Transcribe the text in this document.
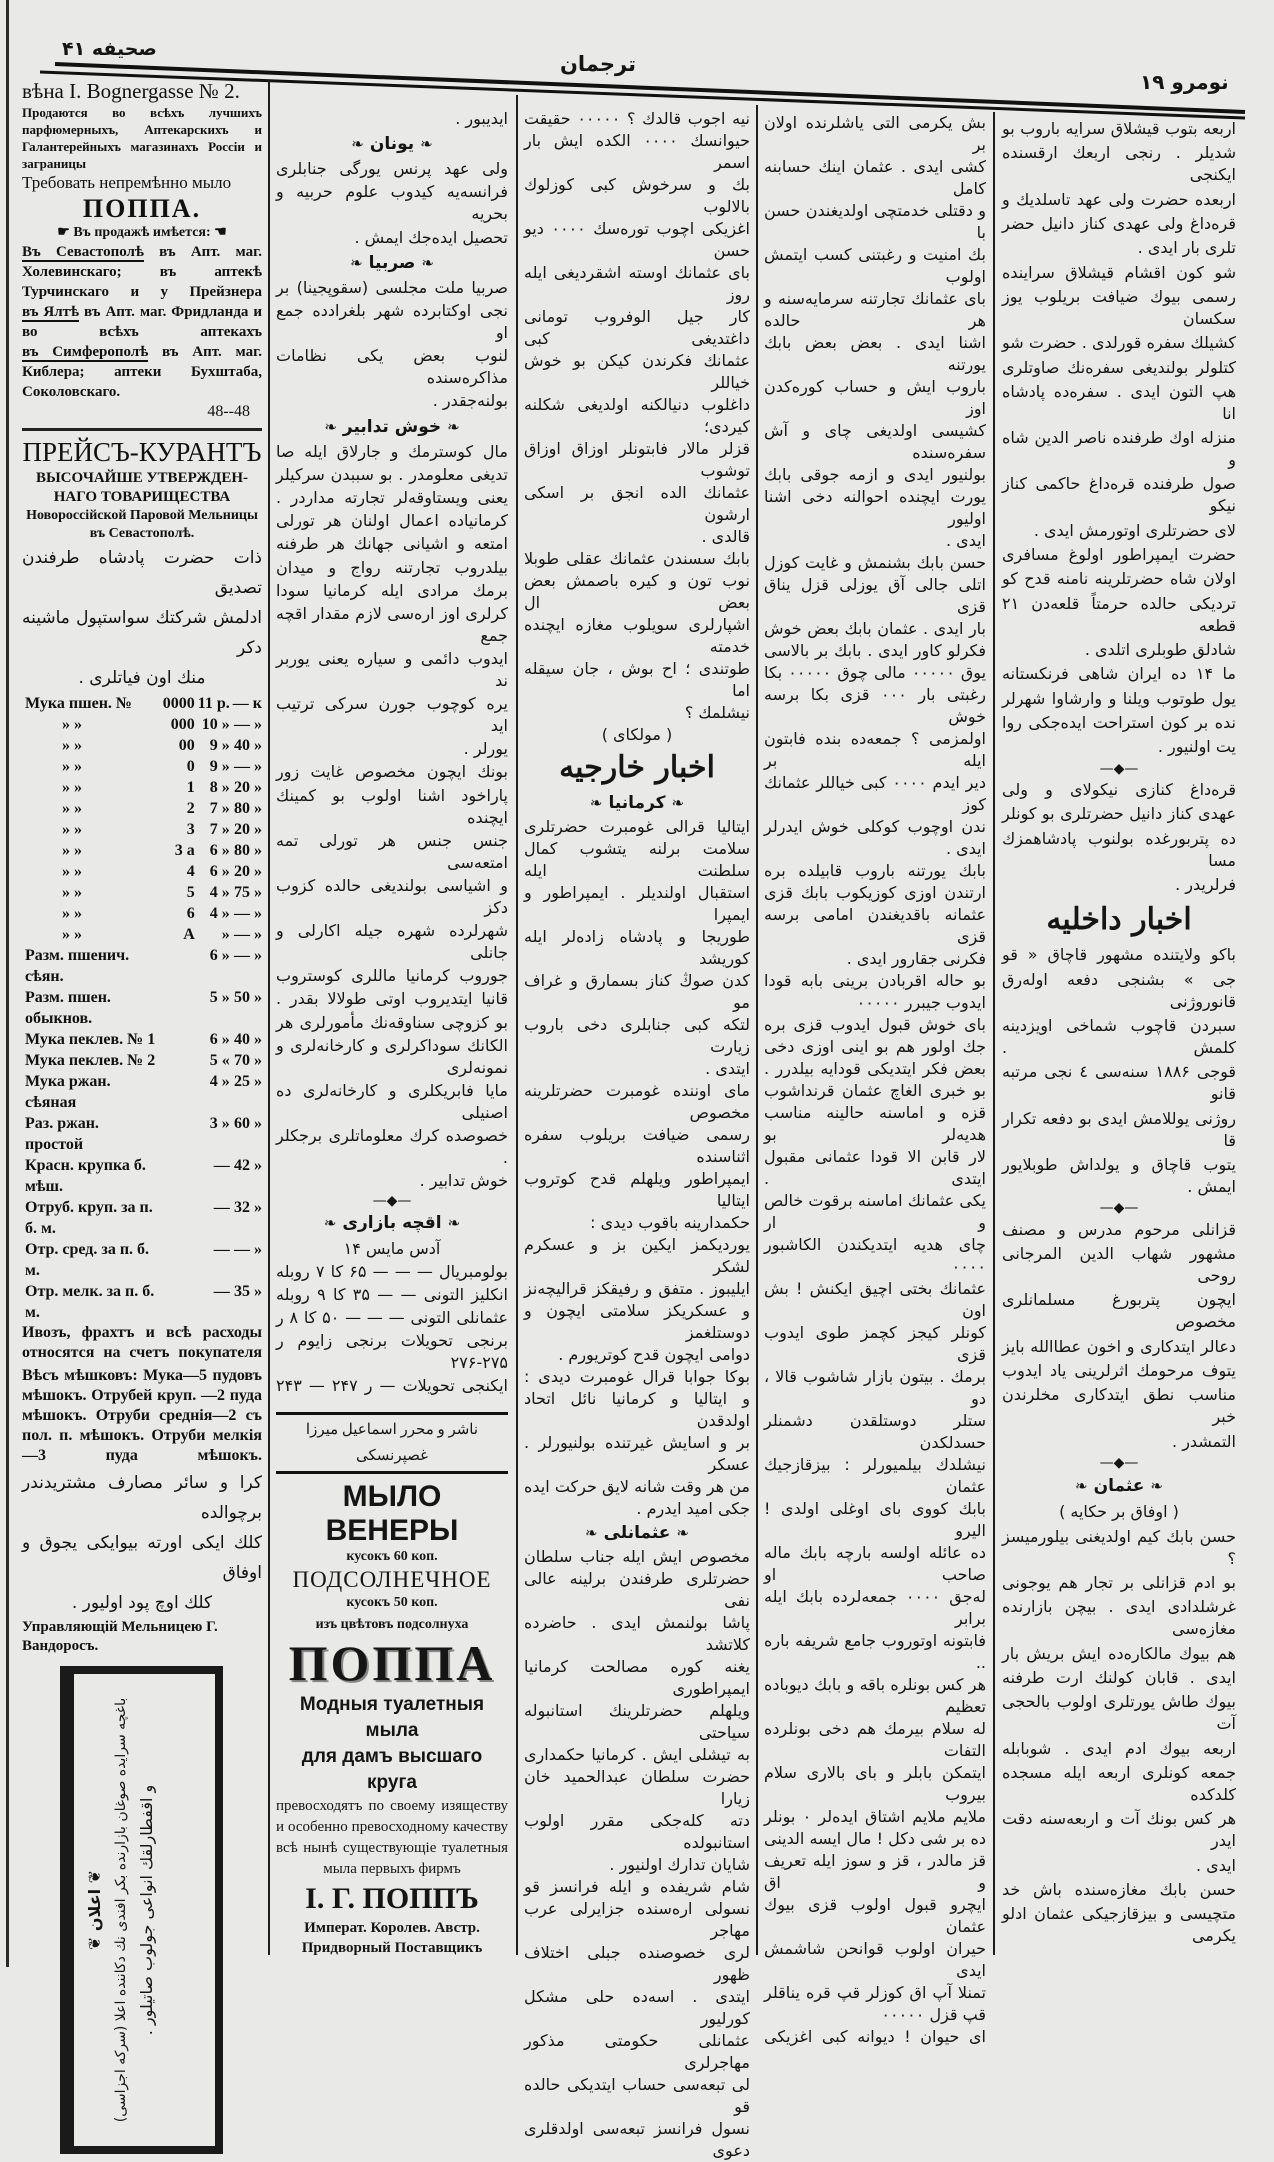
صحیفه ۴۱
ترجمان
نومرو ۱۹

вѣна I. Bognergasse № 2.

Продаются во всѣхъ лучшихъ парфюмерныхъ, Аптекарскихъ и Галантерейныхъ магазинахъ Россiи и заграницы

Требовать непремѣнно мыло

ПОППА.

☛ Въ продажѣ имѣется: ☚

Въ Севастополѣ въ Апт. маг. Холевинскаго; въ аптекѣ Турчинскаго и у Прейзнера
въ Ялтѣ въ Апт. маг. Фридланда и во всѣхъ аптекахъ
въ Симферополѣ въ Апт. маг. Киблера; аптеки Бухштаба, Соколовскаго.

48--48

ПРЕЙСЪ-КУРАНТЪ

ВЫСОЧАЙШЕ УТВЕРЖДЕН-НАГО ТОВАРИЩЕСТВА

Новороссiйской Паровой Мельницы въ Севастополѣ.

ذات حضرت پادشاه طرفندن تصدیق
ادلمش شركتك سواستپول ماشینه دكر
منك اون فیاتلری .
Мука пшен. №	0000	11 р.	— к
» »	000	10 »	— »
» »	00	9 »	40 »
» »	0	9 »	— »
» »	1	8 »	20 »
» »	2	7 »	80 »
» »	3	7 »	20 »
» »	3 а	6 »	80 »
» »	4	6 »	20 »
» »	5	4 »	75 »
» »	6	4 »	— »
» »	А	»	— »
Разм. пшенич. сѣян.		6 »	— »
Разм. пшен. обыкнов.		5 »	50 »
Мука пеклев. № 1		6 »	40 »
Мука пеклев. № 2		5 «	70 »
Мука ржан. сѣяная		4 »	25 »
Раз. ржан. простой		3 »	60 »
Красн. крупка б. мѣш.		—	42 »
Отруб. круп. за п. б. м.		—	32 »
Отр. сред. за п. б. м.		—	— »
Отр. мелк. за п. б. м.		—	35 »

Ивозъ, фрахтъ и всѣ расходы относятся на счетъ покупателя

Вѣсъ мѣшковъ: Мука—5 пудовъ мѣшокъ. Отрубей круп. —2 пуда мѣшокъ. Отруби среднiя—2 съ пол. п. мѣшокъ. Отруби мелкiя—3 пуда мѣшокъ.

كرا و سائر مصارف مشتریدندر برچوالده
كلك ایكی اورته بیوایكی یجوق و اوفاق
كلك اوچ پود اولیور .

Управляющiй Мельницею Г. Вандоросъ.

❦ اعلان ❦ باغچه سرایده صوغان بازارنده بكر افندی نك دكاننده اعلا (سركه اجزاسی) و اقفطارلقك انواعی جولوب صاتیلور .
ایدیبور .
❧ یونان ❧
ولی عهد پرنس یورگی جنابلری
فرانسه‌یه كیدوب علوم حربیه و بحریه
تحصیل ایده‌جك ایمش .
❧ صربیا ❧
صربیا ملت مجلسی (سقوپجینا) بر
نجی اوكتابرده شهر بلغرادده جمع او
لنوب بعض یكی نظامات مذاكره‌سنده
بولنه‌جقدر .
❧ خوش تدابیر ❧
مال كوسترمك و جارلاق ایله صا
تدیغی معلومدر . بو سببدن سركیلر
یعنی ویستاوقه‌لر تجارته مداردر .
كرمانیاده اعمال اولنان هر تورلی
امتعه و اشیانی جهانك هر طرفنه
بیلدروب تجارتنه رواج و میدان
برمك مرادی ایله كرمانیا سودا
كرلری اوز ارەسی لازم مقدار اقچه جمع
ایدوب دائمی و سیاره یعنی یوربر ند
یره كوچوب جورن سركی ترتیب اید
یورلر .
بونك ایچون مخصوص غایت زور
پاراخود اشنا اولوب بو كمینك ایچنده
جنس جنس هر تورلی تمه امتعه‌سی
و اشیاسی بولندیغی حالده كزوب دكز
شهرلرده شهره جیله اكارلی و جانلی
جوروب كرمانیا ماللری كوستروب
قانیا ایتدیروب اوتی طولالا بقدر .
بو كزوچی سناوقه‌نك مأمورلری هر
الكانك سوداكرلری و كارخانه‌لری و نمونه‌لری
مایا فابریكلری و كارخانه‌لری ده اصنیلی
خصوصده كرك معلوماتلری برجكلر .
خوش تدابیر .
—◆—
❧ اقچه بازاری ❧
آدس مایس ۱۴
بولومبریال — — — ۶۵ كا ۷ روبله
انكلیز التونی — — ۳۵ كا ۹ روبله
عثمانلی التونی — — — ۵۰ كا ۸ ر
برنجی تحویلات برنجی زایوم ر ۲۷۵-۲۷۶
ایكنجی تحویلات — ر ۲۴۷ — ۲۴۳
ناشر و محرر اسماعیل میرزا غصپرنسكی
МЫЛО ВЕНЕРЫ
кусокъ 60 коп.
ПОДСОЛНЕЧНОЕ
кусокъ 50 коп.
изъ цвѣтовъ подсолнуха
ПОППА
Модныя туалетныя мыла
для дамъ высшаго круга
превосходятъ по своему изяществу и особенно превосходному качеству всѣ нынѣ существующiе туалетныя мыла первыхъ фирмъ
I. Г. ПОППЪ
Императ. Королев. Австр. Придворный Поставщикъ
نیه اجوب قالدك ؟ ۰۰۰۰۰ حقیقت
حیوانسك ۰۰۰۰ الكده ایش بار اسمر
بك و سرخوش كبی كوزلوك بالالوب
اغزیكی اچوب توره‌سك ۰۰۰۰ دیو حسن
بای عثمانك اوسته اشقردیغی ایله روز
كار جیل الوفروب تومانی داغتدیغی كبی
عثمانك فكرندن كیكن بو خوش خیاللر
داغلوب دنیالكنه اولدیغی شكلنه كیردی؛
قزلر مالار فابتونلر اوزاق اوزاق توشوب
عثمانك الده انجق بر اسكی ارشون
قالدی .
بابك سسندن عثمانك عقلی طوبلا
نوب تون و كیره باصمش بعض بعض ال
اشپارلری سویلوب مغازه ایچنده خدمته
طوتندی ؛ اح بوش ، جان سیقله اما
نیشلمك ؟
( مولكای )
اخبار خارجیه
❧ كرمانیا ❧
ایتالیا قرالی غومبرت حضرتلری
سلامت برلنه یتشوب كمال سلطنت ایله
استقبال اولندیلر . ایمپراطور و ایمپرا
طوریجا و پادشاه زاده‌لر ایله كوریشد
كدن صوڭ كناز بسمارق و غراف مو
لتكه كبی جنابلری دخی باروب زیارت
ایتدی .
مای اوننده غومبرت حضرتلرینه مخصوص
رسمی ضیافت بریلوب سفره اثناسنده
ایمپراطور ویلهلم قدح كوتروب ایتالیا
حكمدارینه باقوب دیدی :
یوردیكمز ایكین بز و عسكرم لشكر
ایلیبوز . متفق و رفیقكز قرالیچه‌نز
و عسكریكز سلامتی ایچون و دوستلغمز
دوامی ایچون قدح كوتریورم .
بوكا جوابا قرال غومبرت دیدی :
و ایتالیا و كرمانیا نائل اتحاد اولدقدن
بر و اسایش غیرتنده بولنیورلر . عسكر
من هر وقت شانه لایق حركت ایده
جكی امید ایدرم .
❧ عثمانلی ❧
مخصوص ایش ایله جناب سلطان
حضرتلری طرفندن برلینه عالی نفی
پاشا بولنمش ایدی . حاضرده كلاتشد
یغنه كوره مصالحت كرمانیا ایمپراطوری
ویلهلم حضرتلرینك استانبوله سیاحتی
به تیشلی ایش . كرمانیا حكمداری
حضرت سلطان عبدالحمید خان زیارا
دته كله‌جكی مقرر اولوب استانبولده
شایان تدارك اولنیور .
شام شریفده و ایله فرانسز قو
نسولی اره‌سنده جزایرلی عرب مهاجر
لری خصوصنده جبلی اختلاف ظهور
ایتدی . اسه‌ده حلی مشكل كورلیور
عثمانلی حكومتی مذكور مهاجرلری
لی تبعه‌سی حساب ایتدیكی حالده قو
نسول فرانسز تبعه‌سی اولدقلری دعوی
بش یكرمی التی یاشلرنده اولان بر
كشی ایدی . عثمان اینك حسابنه كامل
و دقتلی خدمتچی اولدیغندن حسن با
بك امنیت و رغبتنی كسب ایتمش اولوب
بای عثمانك تجارتنه سرمایه‌سنه و هر حالده
اشنا ایدی . بعض بعض بابك یورتنه
باروب ایش و حساب كورەكدن اوز
كشیسی اولدیغی چای و آش سفره‌سنده
بولنیور ایدی و ازمه جوقی بابك
یورت ایچنده احوالنه دخی اشنا اولیور
ایدی .
حسن بابك بشنمش و غایت كوزل
اتلی جالی آق یوزلی قزل یناق قزی
بار ایدی . عثمان بابك بعض خوش
فكرلو كاور ایدی . بابك بر بالاسی
یوق ۰۰۰۰۰ مالی چوق ۰۰۰۰۰ بكا
رغبتی بار ۰۰۰ قزی بكا برسه خوش
اولمزمی ؟ جمعه‌ده بنده فابتون ایله بر
دیر ایدم ۰۰۰۰ كبی خیاللر عثمانك كوز
ندن اوچوب كوكلی خوش ایدرلر
ایدی .
بابك یورتنه باروب قابیلده بره
ارتندن اوزی كوزیكوب بابك قزی
عثمانه باقدیغندن امامی برسه قزی
فكرنی جقارور ایدی .
بو حاله اقربادن برینی بابه قودا
ایدوب جیبرر ۰۰۰۰۰
بای خوش قبول ایدوب قزی بره
جك اولور هم بو اینی اوزی دخی
بعض فكر ایتدیكی قودایه بیلدرر .
بو خبری الغاچ عثمان قرنداشوب
قزه و اماسنه حالینه مناسب هدیه‌لر بو
لار قابن الا قودا عثمانی مقبول ایتدی .
یكی عثمانك اماسنه برقوت خالص و ار
چای هدیه ایتدیكندن الكاشبور ۰۰۰۰
عثمانك بختی اچیق ایكنش ! بش اون
كونلر كیجز كچمز طوی ایدوب قزی
برمك . بیتون بازار شاشوب قالا ، دو
ستلر دوستلقدن دشمنلر حسدلكدن
نیشلدك بیلمیورلر : بیزقازجیك عثمان
بابك كووی بای اوغلی اولدی ! الیرو
ده عائله اولسه بارچه بابك ماله صاحب او
له‌جق ۰۰۰۰ جمعه‌لرده بابك ایله برابر
فابتونه اوتوروب جامع شریفه باره ..
هر كس بونلره باقه و بابك دیوباده تعظیم
له سلام بیرمك هم دخی بونلرده التفات
ایتمكن بابلر و بای بالاری سلام بیروب
ملایم ملایم اشتاق ایده‌لر ۰ بونلر
ده بر شی دكل ! مال ایسه الدینی
قز مالدر ، قز و سوز ایله تعریف و اق
ایچرو قبول اولوب قزی بیوك عثمان
حیران اولوب قوانحن شاشمش ایدی
تمنلا آپ اق كوزلر قپ قره یناقلر
قپ قزل ۰۰۰۰۰
ای حیوان ! دیوانه كبی اغزیكی
اربعه بتوب قیشلاق سرایه باروب بو
شدیلر . رنجی اربعك ارقسنده ایكنجی
اربعده حضرت ولی عهد تاسلدیك و
قره‌داغ ولی عهدی كناز دانیل حضر
تلری بار ایدی .
شو كون اقشام قیشلاق سراینده
رسمی بیوك ضیافت بریلوب یوز سكسان
كشیلك سفره قورلدی . حضرت شو
كتلولر بولندیغی سفره‌نك صاوتلری
هپ التون ایدی . سفره‌ده پادشاه انا
منزله اوك طرفنده ناصر الدین شاه و
صول طرفنده قره‌داغ حاكمی كناز نیكو
لای حضرتلری اوتورمش ایدی .
حضرت ایمپراطور اولوغ مسافری
اولان شاه حضرتلرینه نامنه قدح كو
تردیكی حالده حرمتاً قلعه‌دن ۲۱ قطعه
شادلق طوبلری اتلدی .
ما ۱۴ ده ایران شاهی فرنكستانه
یول طوتوب ویلنا و وارشاوا شهرلر
نده بر كون استراحت ایده‌جكی روا
یت اولنیور .
—◆—
قره‌داغ كنازی نیكولای و ولی
عهدی كناز دانیل حضرتلری بو كونلر
ده پتربورغده بولنوب پادشاهمزك مسا
فرلریدر .
اخبار داخلیه
باكو ولایتنده مشهور قاچاق « قو
جی » بشنجی دفعه اوله‌رق قانوروژنی
سبردن قاچوب شماخی اویزدینه كلمش .
قوجی ۱۸۸۶ سنه‌سی ٤ نجی مرتبه قانو
روژنی یوللامش ایدی بو دفعه تكرار قا
یتوب قاچاق و یولداش طوبلایور ایمش .
—◆—
قزانلی مرحوم مدرس و مصنف
مشهور شهاب الدین المرجانی روحی
ایچون پتربورغ مسلمانلری مخصوص
دعالر ایتدكاری و اخون عطاالله بایز
یتوف مرحومك اثرلرینی یاد ایدوب
مناسب نطق ایتدكاری مخلرندن خبر
التمشدر .
—◆—
❧ عثمان ❧
( اوفاق بر حكایه )
حسن بابك كیم اولدیغنی بیلورمیسز ؟
بو ادم قزانلی بر تجار هم یوجونی
غرشلدادی ایدی . بیچن بازارنده مغازه‌سی
هم بیوك مالكاره‌ده ایش بریش بار
ایدی . قابان كولنك ارت طرفنه
بیوك طاش یورتلری اولوب بالحجی آت
اربعه بیوك ادم ایدی . شوبابله
جمعه كونلری اربعه ایله مسجده كلدكده
هر كس بونك آت و اربعه‌سنه دقت ایدر
ایدی .
حسن بابك مغازه‌سنده باش خد
متچیسی و بیزقازجیكی عثمان ادلو یكرمی
